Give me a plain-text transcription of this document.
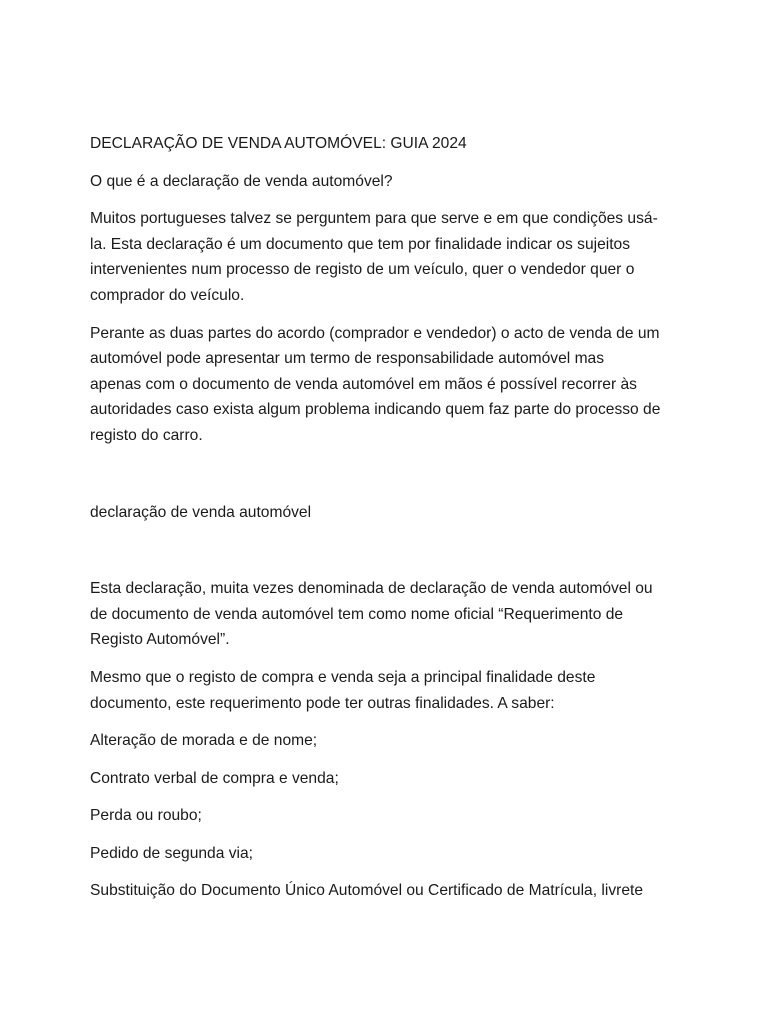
DECLARAÇÃO DE VENDA AUTOMÓVEL: GUIA 2024

O que é a declaração de venda automóvel?

Muitos portugueses talvez se perguntem para que serve e em que condições usá-
la. Esta declaração é um documento que tem por finalidade indicar os sujeitos
intervenientes num processo de registo de um veículo, quer o vendedor quer o
comprador do veículo.

Perante as duas partes do acordo (comprador e vendedor) o acto de venda de um
automóvel pode apresentar um termo de responsabilidade automóvel mas
apenas com o documento de venda automóvel em mãos é possível recorrer às
autoridades caso exista algum problema indicando quem faz parte do processo de
registo do carro.

declaração de venda automóvel

Esta declaração, muita vezes denominada de declaração de venda automóvel ou
de documento de venda automóvel tem como nome oficial “Requerimento de
Registo Automóvel”.

Mesmo que o registo de compra e venda seja a principal finalidade deste
documento, este requerimento pode ter outras finalidades. A saber:

Alteração de morada e de nome;

Contrato verbal de compra e venda;

Perda ou roubo;

Pedido de segunda via;

Substituição do Documento Único Automóvel ou Certificado de Matrícula, livrete
